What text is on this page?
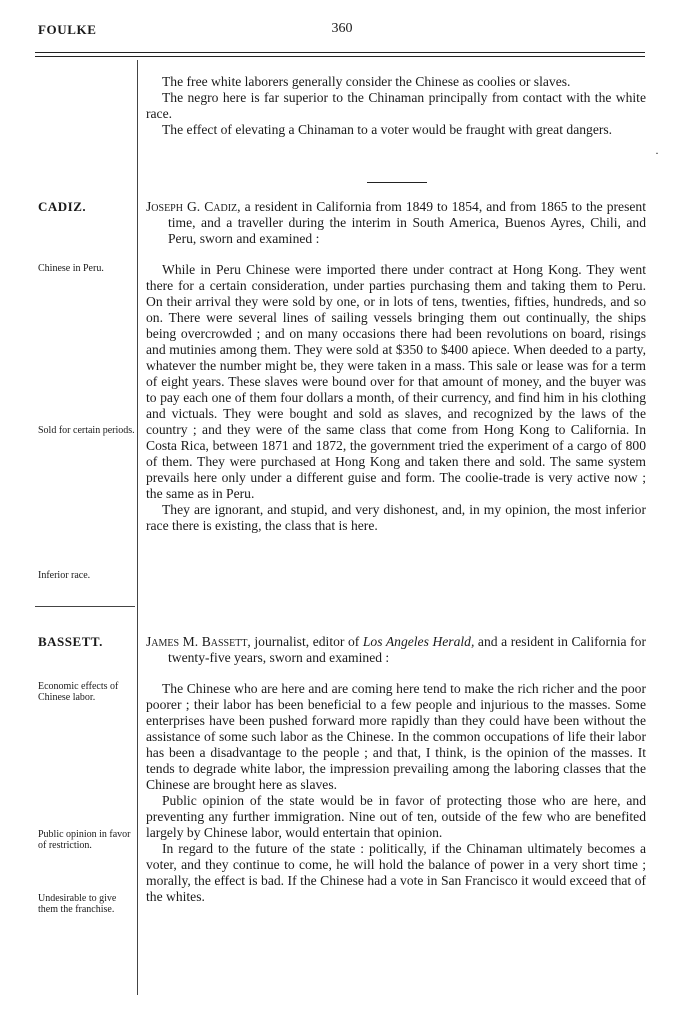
FOULKE	360

The free white laborers generally consider the Chinese as coolies or slaves.

The negro here is far superior to the Chinaman principally from contact with the white race.

The effect of elevating a Chinaman to a voter would be fraught with great dangers.

·
CADIZ.	Joseph G. Cadiz, a resident in California from 1849 to 1854, and from 1865 to the present time, and a traveller during the interim in South America, Buenos Ayres, Chili, and Peru, sworn and examined :

Chinese in Peru.
Sold for certain periods.
Inferior race.

While in Peru Chinese were imported there under contract at Hong Kong. They went there for a certain consideration, under parties purchasing them and taking them to Peru. On their arrival they were sold by one, or in lots of tens, twenties, fifties, hundreds, and so on. There were several lines of sailing vessels bringing them out continually, the ships being overcrowded ; and on many occasions there had been revolutions on board, risings and mutinies among them. They were sold at $350 to $400 apiece. When deeded to a party, whatever the number might be, they were taken in a mass. This sale or lease was for a term of eight years. These slaves were bound over for that amount of money, and the buyer was to pay each one of them four dollars a month, of their currency, and find him in his clothing and victuals. They were bought and sold as slaves, and recognized by the laws of the country ; and they were of the same class that come from Hong Kong to California. In Costa Rica, between 1871 and 1872, the government tried the experiment of a cargo of 800 of them. They were purchased at Hong Kong and taken there and sold. The same system prevails here only under a different guise and form. The coolie-trade is very active now ; the same as in Peru.

They are ignorant, and stupid, and very dishonest, and, in my opinion, the most inferior race there is existing, the class that is here.

BASSETT.	James M. Bassett, journalist, editor of Los Angeles Herald, and a resident in California for twenty-five years, sworn and examined :

Economic effects of Chinese labor.
Public opinion in favor of restriction.
Undesirable to give them the franchise.

The Chinese who are here and are coming here tend to make the rich richer and the poor poorer ; their labor has been beneficial to a few people and injurious to the masses. Some enterprises have been pushed forward more rapidly than they could have been without the assistance of some such labor as the Chinese. In the common occupations of life their labor has been a disadvantage to the people ; and that, I think, is the opinion of the masses. It tends to degrade white labor, the impression prevailing among the laboring classes that the Chinese are brought here as slaves.

Public opinion of the state would be in favor of protecting those who are here, and preventing any further immigration. Nine out of ten, outside of the few who are benefited largely by Chinese labor, would entertain that opinion.

In regard to the future of the state : politically, if the Chinaman ultimately becomes a voter, and they continue to come, he will hold the balance of power in a very short time ; morally, the effect is bad. If the Chinese had a vote in San Francisco it would exceed that of the whites.
